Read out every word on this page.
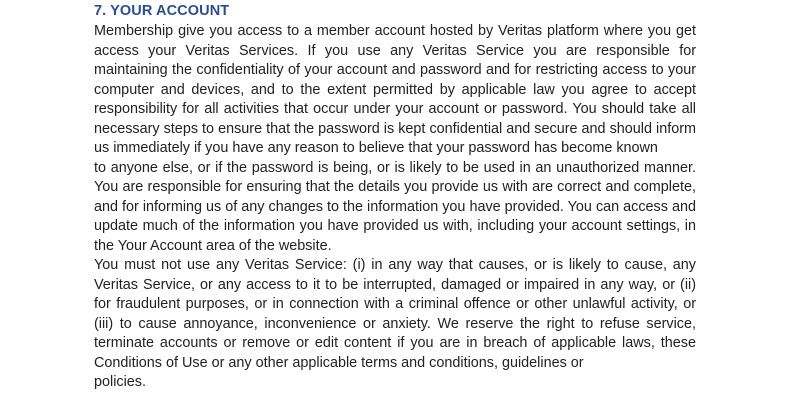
7. YOUR ACCOUNT

Membership give you access to a member account hosted by Veritas platform where you get access your Veritas Services. If you use any Veritas Service you are responsible for maintaining the confidentiality of your account and password and for restricting access to your computer and devices, and to the extent permitted by applicable law you agree to accept responsibility for all activities that occur under your account or password. You should take all necessary steps to ensure that the password is kept confidential and secure and should inform us immediately if you have any reason to believe that your password has become known

to anyone else, or if the password is being, or is likely to be used in an unauthorized manner. You are responsible for ensuring that the details you provide us with are correct and complete, and for informing us of any changes to the information you have provided. You can access and update much of the information you have provided us with, including your account settings, in the Your Account area of the website.

You must not use any Veritas Service: (i) in any way that causes, or is likely to cause, any Veritas Service, or any access to it to be interrupted, damaged or impaired in any way, or (ii) for fraudulent purposes, or in connection with a criminal offence or other unlawful activity, or (iii) to cause annoyance, inconvenience or anxiety. We reserve the right to refuse service, terminate accounts or remove or edit content if you are in breach of applicable laws, these Conditions of Use or any other applicable terms and conditions, guidelines or

policies.
